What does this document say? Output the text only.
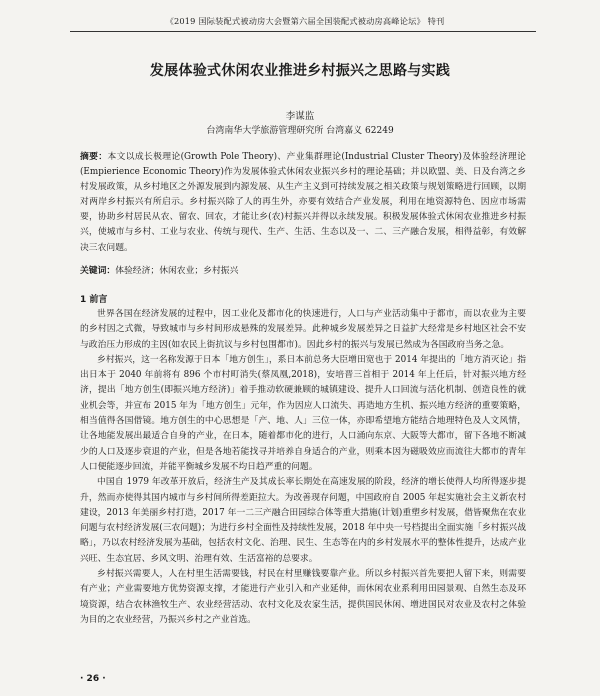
《2019 国际装配式被动房大会暨第六届全国装配式被动房高峰论坛》 特刊
发展体验式休闲农业推进乡村振兴之思路与实践
李谋监
台湾南华大学旅游管理研究所 台湾嘉义 62249
摘要：本文以成长极理论(Growth Pole Theory)、产业集群理论(Industrial Cluster Theory)及体验经济理论(Empierience Economic Theory)作为发展体验式休闲农业振兴乡村的理论基础；并以欧盟、美、日及台湾之乡村发展政策，从乡村地区之外源发展到内源发展、从生产主义到可持续发展之相关政策与规划策略进行回顾，以期对两岸乡村振兴有所启示。乡村振兴除了人的再生外，亦要有效结合产业发展，利用在地资源特色、因应市场需要，协助乡村居民从农、留农、回农，才能让乡(农)村振兴并得以永续发展。积极发展体验式休闲农业推进乡村振兴，使城市与乡村、工业与农业、传统与现代、生产、生活、生态以及一、二、三产融合发展，相得益彰，有效解决三农问题。
关键词：体验经济；休闲农业；乡村振兴
1 前言

世界各国在经济发展的过程中，因工业化及都市化的快速进行，人口与产业活动集中于都市，而以农业为主要的乡村因之式微，导致城市与乡村间形成悬殊的发展差异。此种城乡发展差异之日益扩大经常是乡村地区社会不安与政治压力形成的主因(如农民上街抗议与乡村包围都市)。因此乡村的振兴与发展已然成为各国政府当务之急。

乡村振兴，这一名称发源于日本「地方创生」，系日本前总务大臣增田宽也于 2014 年提出的「地方消灭论」指出日本于 2040 年前将有 896 个市村町消失(蔡凤凰,2018)，安培晋三首相于 2014 年上任后，针对振兴地方经济，提出「地方创生(即振兴地方经济)」着手推动软硬兼顾的城镇建设、提升人口回流与活化机制、创造良性的就业机会等，并宣布 2015 年为「地方创生」元年，作为因应人口流失、再造地方生机、振兴地方经济的重要策略，相当值得各国借镜。地方创生的中心思想是「产、地、人」三位一体，亦即希望地方能结合地理特色及人文风情，让各地能发展出最适合自身的产业，在日本，随着都市化的进行，人口涌向东京、大阪等大都市，留下各地不断减少的人口及逐步衰退的产业，但是各地若能找寻并培养自身适合的产业，则乘本因为磁吸效应而流往大都市的青年人口便能逐步回流，并能平衡城乡发展不均日趋严重的问题。

中国自 1979 年改革开放后，经济生产及其成长率长期处在高速发展的阶段，经济的增长使得人均所得逐步提升，然而亦使得其国内城市与乡村间所得差距拉大。为改善现存问题，中国政府自 2005 年起实施社会主义新农村建设，2013 年美丽乡村打造，2017 年一二三产融合田园综合体等重大措施(计划)重塑乡村发展，借皆聚焦在农业问题与农村经济发展(三农问题)；为进行乡村全面性及持续性发展，2018 年中央一号档提出全面实施「乡村振兴战略」，乃以农村经济发展为基础，包括农村文化、治理、民生、生态等在内的乡村发展水平的整体性提升，达成产业兴旺、生态宜居、乡风文明、治理有效、生活富裕的总要求。

乡村振兴需要人，人在村里生活需要钱，村民在村里赚钱要靠产业。所以乡村振兴首先要把人留下来，则需要有产业；产业需要地方优势资源支撑，才能进行产业引入和产业延伸，而休闲农业系利用田园景观、自然生态及环境资源，结合农林渔牧生产、农业经营活动、农村文化及农家生活，提供国民休闲、增进国民对农业及农村之体验为目的之农业经营，乃振兴乡村之产业首选。

· 26 ·
